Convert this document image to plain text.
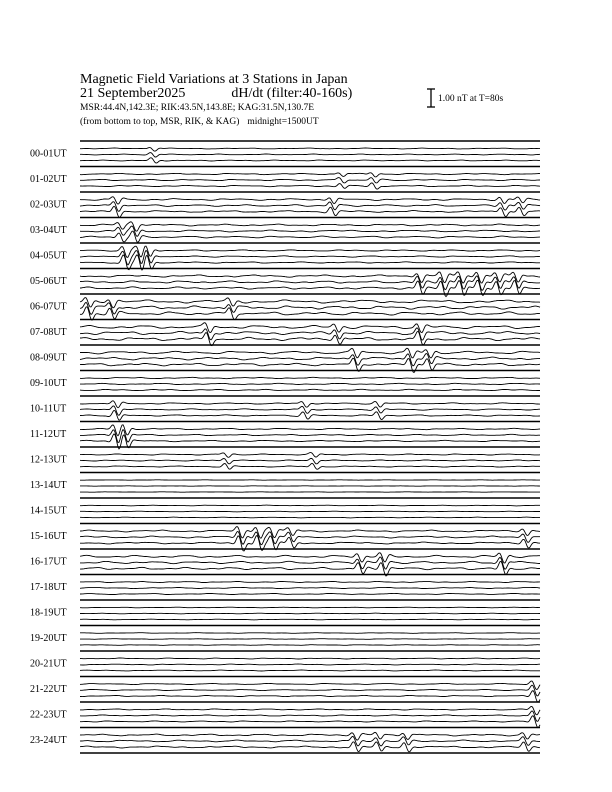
Magnetic Field Variations at 3 Stations in Japan
21 September2025	dH/dt (filter:40-160s)
MSR:44.4N,142.3E; RIK:43.5N,143.8E; KAG:31.5N,130.7E
(from bottom to top, MSR, RIK, & KAG) midnight=1500UT
1.00 nT at T=80s
00-01UT
01-02UT
02-03UT
03-04UT
04-05UT
05-06UT
06-07UT
07-08UT
08-09UT
09-10UT
10-11UT
11-12UT
12-13UT
13-14UT
14-15UT
15-16UT
16-17UT
17-18UT
18-19UT
19-20UT
20-21UT
21-22UT
22-23UT
23-24UT
